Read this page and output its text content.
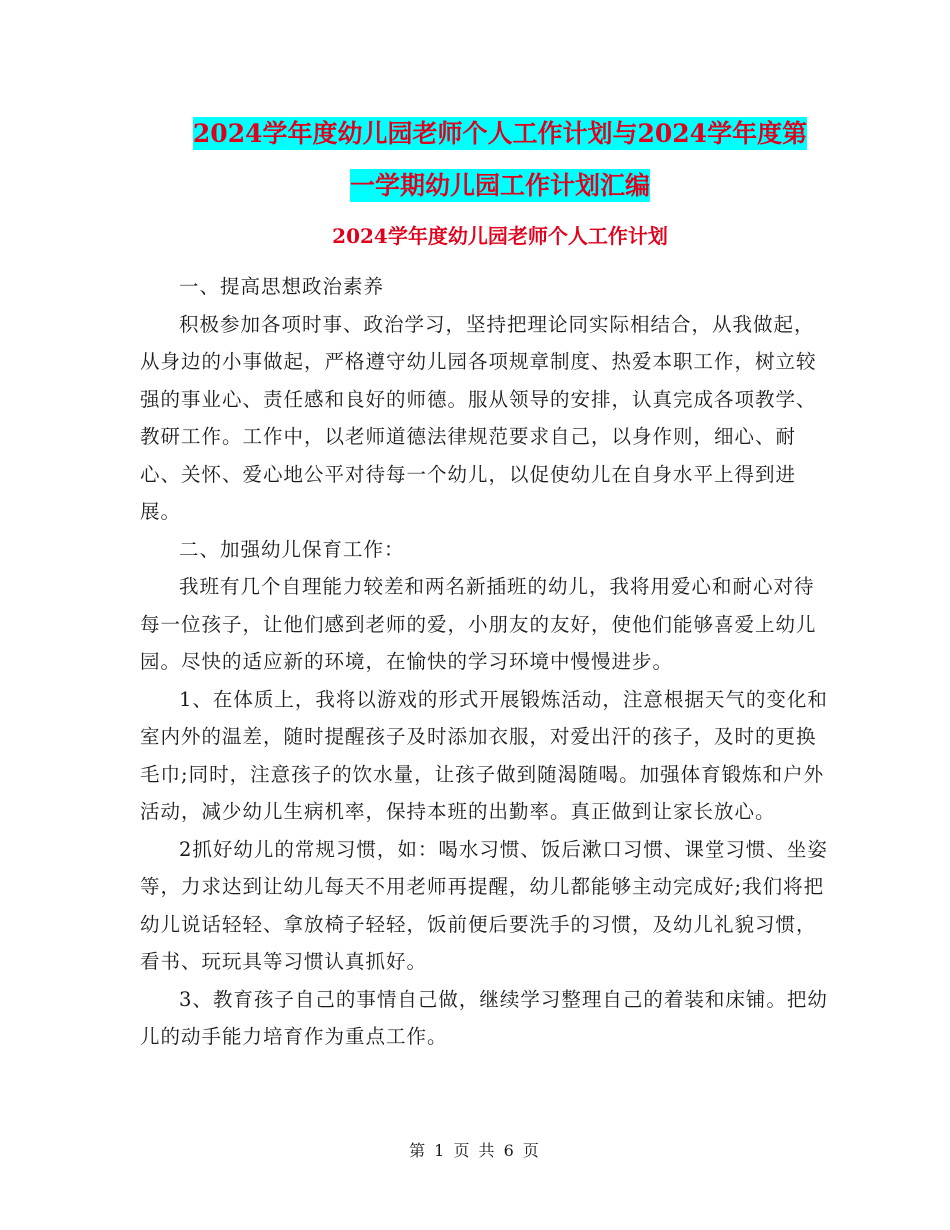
2024学年度幼儿园老师个人工作计划与2024学年度第
一学期幼儿园工作计划汇编
2024学年度幼儿园老师个人工作计划

一、提高思想政治素养

积极参加各项时事、政治学习，坚持把理论同实际相结合，从我做起，从身边的小事做起，严格遵守幼儿园各项规章制度、热爱本职工作，树立较强的事业心、责任感和良好的师德。服从领导的安排，认真完成各项教学、教研工作。工作中，以老师道德法律规范要求自己，以身作则，细心、耐心、关怀、爱心地公平对待每一个幼儿，以促使幼儿在自身水平上得到进展。

二、加强幼儿保育工作：

我班有几个自理能力较差和两名新插班的幼儿，我将用爱心和耐心对待每一位孩子，让他们感到老师的爱，小朋友的友好，使他们能够喜爱上幼儿园。尽快的适应新的环境，在愉快的学习环境中慢慢进步。

1、在体质上，我将以游戏的形式开展锻炼活动，注意根据天气的变化和室内外的温差，随时提醒孩子及时添加衣服，对爱出汗的孩子，及时的更换毛巾;同时，注意孩子的饮水量，让孩子做到随渴随喝。加强体育锻炼和户外活动，减少幼儿生病机率，保持本班的出勤率。真正做到让家长放心。

2抓好幼儿的常规习惯，如：喝水习惯、饭后漱口习惯、课堂习惯、坐姿等，力求达到让幼儿每天不用老师再提醒，幼儿都能够主动完成好;我们将把幼儿说话轻轻、拿放椅子轻轻，饭前便后要洗手的习惯，及幼儿礼貌习惯，看书、玩玩具等习惯认真抓好。

3、教育孩子自己的事情自己做，继续学习整理自己的着装和床铺。把幼儿的动手能力培育作为重点工作。

第 1 页 共 6 页
